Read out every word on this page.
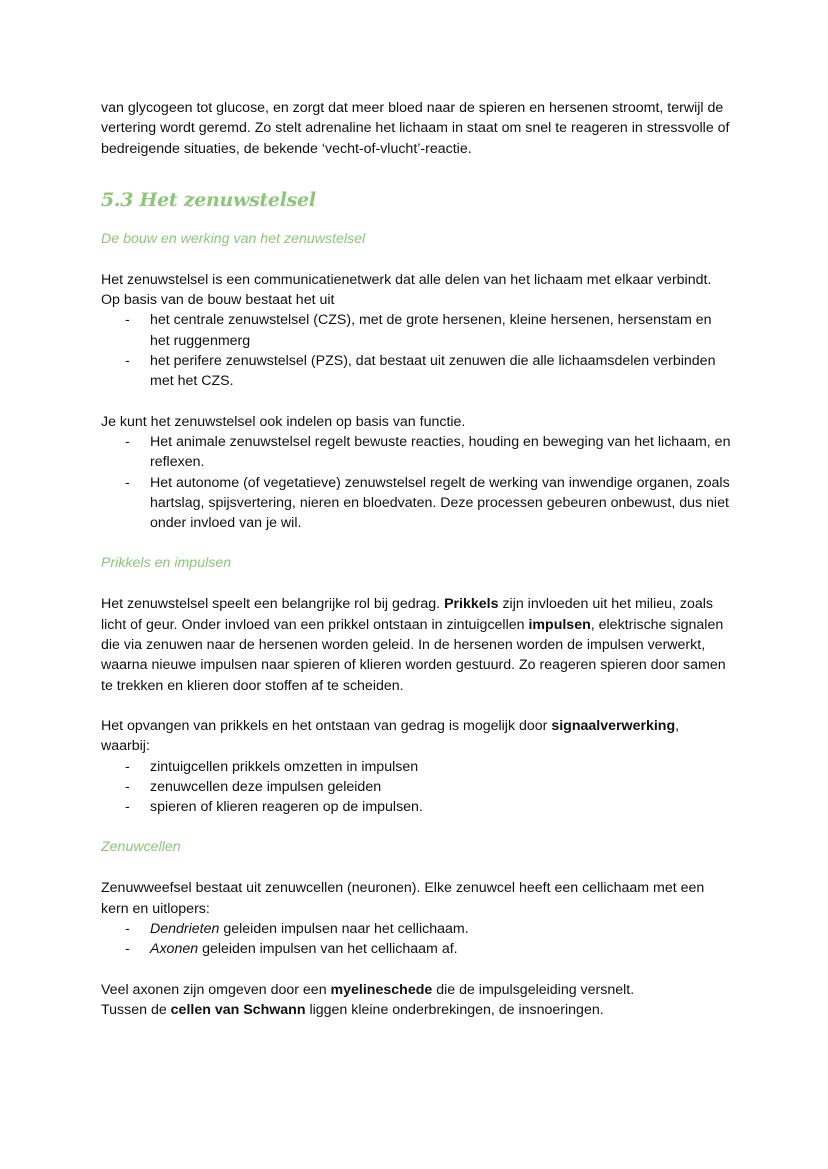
van glycogeen tot glucose, en zorgt dat meer bloed naar de spieren en hersenen stroomt, terwijl de vertering wordt geremd. Zo stelt adrenaline het lichaam in staat om snel te reageren in stressvolle of bedreigende situaties, de bekende ‘vecht-of-vlucht’-reactie.

5.3 Het zenuwstelsel
De bouw en werking van het zenuwstelsel

Het zenuwstelsel is een communicatienetwerk dat alle delen van het lichaam met elkaar verbindt. Op basis van de bouw bestaat het uit

- het centrale zenuwstelsel (CZS), met de grote hersenen, kleine hersenen, hersenstam en het ruggenmerg
- het perifere zenuwstelsel (PZS), dat bestaat uit zenuwen die alle lichaamsdelen verbinden met het CZS.

Je kunt het zenuwstelsel ook indelen op basis van functie.

- Het animale zenuwstelsel regelt bewuste reacties, houding en beweging van het lichaam, en reflexen.
- Het autonome (of vegetatieve) zenuwstelsel regelt de werking van inwendige organen, zoals hartslag, spijsvertering, nieren en bloedvaten. Deze processen gebeuren onbewust, dus niet onder invloed van je wil.
Prikkels en impulsen

Het zenuwstelsel speelt een belangrijke rol bij gedrag. Prikkels zijn invloeden uit het milieu, zoals licht of geur. Onder invloed van een prikkel ontstaan in zintuigcellen impulsen, elektrische signalen die via zenuwen naar de hersenen worden geleid. In de hersenen worden de impulsen verwerkt, waarna nieuwe impulsen naar spieren of klieren worden gestuurd. Zo reageren spieren door samen te trekken en klieren door stoffen af te scheiden.

Het opvangen van prikkels en het ontstaan van gedrag is mogelijk door signaalverwerking, waarbij:

- zintuigcellen prikkels omzetten in impulsen
- zenuwcellen deze impulsen geleiden
- spieren of klieren reageren op de impulsen.
Zenuwcellen

Zenuwweefsel bestaat uit zenuwcellen (neuronen). Elke zenuwcel heeft een cellichaam met een kern en uitlopers:

- Dendrieten geleiden impulsen naar het cellichaam.
- Axonen geleiden impulsen van het cellichaam af.

Veel axonen zijn omgeven door een myelineschede die de impulsgeleiding versnelt.

Tussen de cellen van Schwann liggen kleine onderbrekingen, de insnoeringen.
